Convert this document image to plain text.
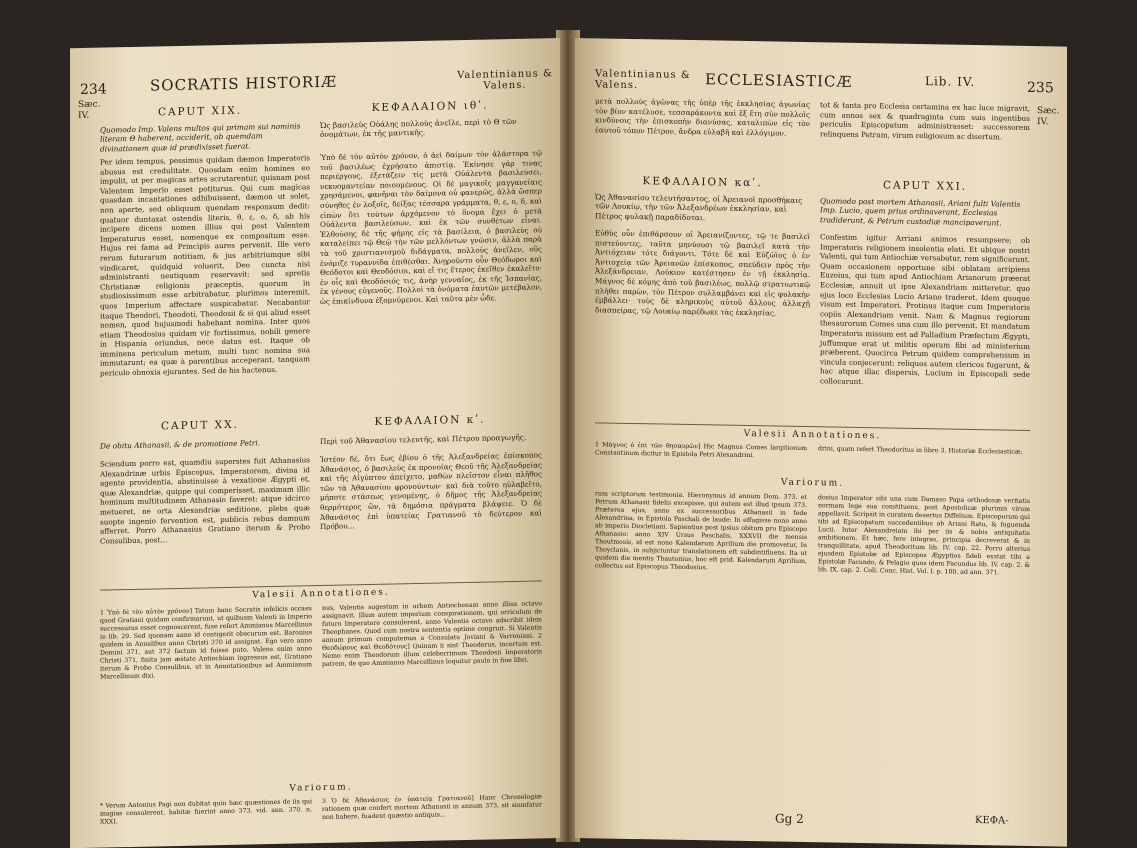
234	SOCRATIS HISTORIÆ	Valentinianus & Valens.
Sæc. IV.	CAPUT XIX.	ΚΕΦΑΛΑΙΟΝ ιθʹ.
Quomodo Imp. Valens multos qui primam sui nominis literam Θ haberent, occiderit, ob quemdam divinationem quæ id prædixisset fuerat.
Ὡς βασιλεὺς Οὐάλης πολλοὺς ἀνεῖλε, περὶ τὸ Θ τῶν ὀνομάτων, ἐκ τῆς μαντικῆς.
Per idem tempus, pessimus quidam dæmon Imperatoris abusus est credulitate. Quosdam enim homines eo impulit, ut per magicas artes scrutarentur, quisnam post Valentem Imperio esset potiturus. Qui cum magicas quasdam incantationes adhibuissent, dæmon ut solet, non aperte, sed obliquum quendam responsum dedit: quatuor duntaxat ostendis literis, θ, ε, ο, δ, ab his incipere dicens nomen illius qui post Valentem Imperaturus esset, nomenque ex compositum esse. Hujus rei fama ad Principis aures pervenit. Ille vero rerum futurarum notitiam, & jus arbitriumque sibi vindicaret, quidquid voluerit, Deo cuncta nisi administranti neutiquam reservavit: sed spretis Christianæ religionis præceptis, quorum in studiosissimum esse arbitrabatur, plurimos interemit, quos Imperium affectare suspicabatur. Necabantur itaque Theodori, Theodoti, Theodosii & si qui aliud esset nomen, quod hujusmodi habebant nomina. Inter quos etiam Theodosius quidam vir fortissimus, nobili genere in Hispania oriundus, nece datus est. Itaque ob imminens periculum metum, multi tunc nomina sua immutarunt; ea quæ à parentibus acceperant, tanquam periculo obnoxia ejurantes. Sed de his hactenus.
Ὑπὸ δὲ τὸν αὐτὸν χρόνον, ὁ ἀεὶ δαίμων τὸν ἀλάστορα τῷ τοῦ βασιλέως ἐχρήσατο ἀπιστίᾳ. Ἐκίνησε γάρ τινας περιέργους, ἐξετάζειν τίς μετὰ Οὐάλεντα βασιλεύσει, νεκυομαντείαν ποιουμένους. Οἱ δὲ μαγικοῖς μαγγανείαις χρησάμενοι, φανῆναι τὸν δαίμονα οὐ φανερῶς, ἀλλὰ ὥσπερ σύνηθες ἐν λοξοῖς, δείξας τέσσαρα γράμματα, θ, ε, ο, δ, καὶ εἰπὼν ὅτι τούτων ἀρχόμενον τὸ ὄνομα ἔχει ὁ μετὰ Οὐάλεντα βασιλεύσων, καὶ ἐκ τῶν συνθέτων εἶναι. Ἐλθούσης δὲ τῆς φήμης εἰς τὰ βασίλεια, ὁ βασιλεὺς οὐ καταλείπει τῷ Θεῷ τὴν τῶν μελλόντων γνῶσιν, ἀλλὰ παρὰ τὰ τοῦ χριστιανισμοῦ διδάγματα, πολλοὺς ἀνεῖλεν, οὓς ἐνόμιζε τυραννίδα ἐπιθέσθαι. Ἀνῃροῦντο οὖν Θεόδωροι καὶ Θεόδοτοι καὶ Θεοδόσιοι, καὶ εἴ τις ἕτερος ἐκεῖθεν ἐκαλεῖτο· ἐν οἷς καὶ Θεοδόσιός τις, ἀνὴρ γενναῖος, ἐκ τῆς Ἰσπανίας, ἐκ γένους εὐγενοῦς. Πολλοὶ τὰ ὀνόματα ἑαυτῶν μετέβαλον, ὡς ἐπικίνδυνα ἐξομνύμενοι. Καὶ ταῦτα μὲν ὧδε.
CAPUT XX.	ΚΕΦΑΛΑΙΟΝ κʹ.
De obitu Athanasii, & de promotione Petri.	Περὶ τοῦ Ἀθανασίου τελευτῆς, καὶ Πέτρου προαγωγῆς.
Sciendum porro est, quamdiu superstes fuit Athanasius Alexandrinæ urbis Episcopus, Imperatorem, divina id agente providentia, abstinuisse à vexatione Ægypti et, quæ Alexandriæ, quippe qui comperisset, maximam illic hominum multitudinem Athanasio faveret: atque idcirco metueret, ne orta Alexandriæ seditione, plebs quæ suopte ingenio fervention est, publicis rebus damnum afferret. Porro Athanasius Gratiano iterum & Probo Consulibus, post...
Ἰστέον δὲ, ὅτι ἕως ἐβίου ὁ τῆς Ἀλεξανδρείας ἐπίσκοπος Ἀθανάσιος, ὁ βασιλεὺς ἐκ προνοίας Θεοῦ τῆς Ἀλεξανδρείας καὶ τῆς Αἰγύπτου ἀπείχετο, μαθὼν πλεῖστον εἶναι πλῆθος τῶν τὰ Ἀθανασίου φρονούντων· καὶ διὰ τοῦτο ηὐλαβεῖτο, μήποτε στάσεως γενομένης, ὁ δῆμος τῆς Ἀλεξανδρείας θερμότερος ὢν, τὰ δημόσια πράγματα βλάψειε. Ὁ δὲ Ἀθανάσιος ἐπὶ ὑπατείας Γρατιανοῦ τὸ δεύτερον καὶ Πρόβου...
Valesii Annotationes.
1 Ὑπὸ δὲ τὸν αὐτὸν χρόνον] Tatum hanc Socratis infelicis occasu quod Gratiani quidam confirmarunt, ut quibusm Valenti in Imperio successurus esset cognoscerent, fuse refert Ammianus Marcellinus in lib. 29. Sed quonam anno id contigerit obscurum est. Baronius quidem in Annalibus anno Christi 370 id assignat. Ego vero anno Domini 371, aut 372 factum id fuisse puto. Valens enim anno Christi 371, finita jam æstate Antiochiam ingressus est, Gratiano iterum & Probo Consulibus, ut in Annotationibus ad Ammianum Marcellinum dixi.
nus, Valentis sugestum in urbem Antiochenam anno illius octavo assignavit. Illum autem imperium conspirationem, qui orriculum de futuro Imperatore consulerent, anno Valentis octavo adscribit idem Theophanes. Quod cum nostra sententia optime congruit. Si Valentis annum primum computemus a Consulatu Joviani & Varroniani. 2 Θεοδώρους καὶ Θεοδότους] Quinam ii sint Theodorus, incertum est. Nemo enim Theodorum illum celeberrimum Theodosii Imperatoris patrem, de quo Ammianus Marcellinus loquitur paulo in fine libri.
Variorum.
* Verum Antonius Pagi non dubitat quin hæc quæstiones de iis qui magias consulerent, habitæ fuerint anno 373. vid. ann. 370. n. XXXI.
3 Ὁ δὲ Ἀθανάσιος ἐν ὑπατείᾳ Γρατιανοῦ] Hanc Chronologiæ rationem quæ confert mortem Athanasii in annum 373, sit sinmfatur non habere, fuadent quæstio antiquis...
Valentinianus & Valens.	ECCLESIASTICÆ	Lib. IV.	235
Sæc. IV.
μετὰ πολλοὺς ἀγῶνας τῆς ὑπὲρ τῆς ἐκκλησίας ἀγωνίας τὸν βίον κατέλυσε, τεσσαράκοντα καὶ ἓξ ἔτη σὺν πολλοῖς κινδύνοις τὴν ἐπισκοπὴν διανύσας, καταλιπὼν εἰς τὸν ἑαυτοῦ τόπον Πέτρον, ἄνδρα εὐλαβῆ καὶ ἐλλόγιμον.
tot & tanta pro Ecclesia certamina ex hac luce migravit, cum annos sex & quadraginta cum suis ingentibus periculis Episcopatum administrasset: successorem relinquens Petrum, virum religiosum ac disertum.
ΚΕΦΑΛΑΙΟΝ καʹ.	CAPUT XXI.
Ὡς Ἀθανασίου τελευτήσαντος, οἱ Ἀρειανοὶ προσθήκαις τῶν Λουκίῳ, τὴν τῶν Ἀλεξανδρέων ἐκκλησίαν, καὶ Πέτρος φυλακῇ παραδίδοται.
Quomodo post mortem Athanasii, Ariani fulti Valentis Imp. Lucio, quem prius ordinaverant, Ecclesias tradiderunt, & Petrum custodiæ mancipaverunt.
Εὐθὺς οὖν ἐπιθάρσουν οἱ Ἀρειανίζοντες, τῷ τε βασιλεῖ πιστεύοντες, ταῦτα μηνύουσι τῷ βασιλεῖ κατὰ τὴν Ἀντιόχειαν τότε διάγοντι. Τότε δὲ καὶ Εὐζώϊος ὁ ἐν Ἀντιοχείᾳ τῶν Ἀρειανῶν ἐπίσκοπος, σπεύδειν πρὸς τὴν Ἀλεξάνδρειαν, Λούκιον κατέστησεν ἐν τῇ ἐκκλησίᾳ. Μάγνος δὲ κόμης ἀπὸ τοῦ βασιλέως, πολλῷ στρατιωτικῷ πλήθει παρὼν, τὸν Πέτρον συλλαμβάνει καὶ εἰς φυλακὴν ἐμβάλλει· τοὺς δὲ κληρικοὺς αὐτοῦ ἄλλους ἀλλαχῇ διασπείρας, τῷ Λουκίῳ παρέδωκε τὰς ἐκκλησίας.
Confestim igitur Arriani animos resumpsere; ob Imperatoris religionem insolentia elati. Et ubique nostri Valenti, qui tum Antiochiæ versabatur, rem significarunt. Quam occasionem opportune sibi oblatam arripiens Euzoius, qui tum apud Antiochiam Arianorum præerat Ecclesiæ, annuit ut ipse Alexandriam mitteretur, quo ejus loco Ecclesias Lucio Ariano traderet. Idem quoque visum est Imperatori. Protinus itaque cum Imperatoris copiis Alexandriam venit. Nam & Magnus regiorum thesaurorum Comes una cum illo pervenit. Et mandatum Imperatoris missum est ad Palladium Præfectum Ægypti, juffumque erat ut militis operam fibi ad ministerium præberent. Quocirca Petrum quidem comprehensum in vincula conjecerunt: reliquos autem clericos fugarunt, & hac atque illac dispersis, Lucium in Episcopali sede collocarunt.
Valesii Annotationes.
1 Μάγνος ὁ ἐπὶ τῶν θησαυρῶν] Hic Magnus Comes largitionum Constantinum dicitur in Epistola Petri Alexandrini.	drini, quam refert Theodoritus in libro 3. Historiæ Ecclesiasticæ.
Variorum.
rum scriptorum testimonia. Hieronymus id annum Dom. 373. et Petrum Athanasii fidelis excepisse, qui autem est illud ipsum 373. Præterea ejus, anno ex successoribus Athanasii in fede Alexandrina, in Epistola Paschali de laude: In effugisse nono anno ab imperio Diocletiani. Sapientius post ipsius obitum pro Episcopo Athanasio: anno XIV Ursus Paschalis. XXXVII die mensis Thoutmosis, id est nono Kalendarum Aprilium die promovetur, In Thoyclanis, in subjiciuntur translationem eft subdintifluens. Ita ut quidem die mentis Thautonius, hoc eft prid. Kalendarum Aprilium, collectus est Episcopus Theodosius.
dosius Imperator sibi una cum Damaso Papa orthodoxæ veritatis normam lege sua constituens, post Apostolicæ plurimis virum appellavit. Scripsit in curatem desertus Diffelium. Episcoporum qui tibi ad Episcopatum succedentibus ab Ariani Ratu, & fuguenda Lucii. Inter Alexandreiam ibi per iis & nobis antiquitatis ambitionem. Et hæc, fere integras, principia decreverat & in tranquillitate, apud Theodoritum lib. IV. cap. 22. Porro alterius ejusdem Epistolæ ad Episcopos Ægyptios fideli exstat tibi a Epistolæ Facundo, & Pelagio quos idem Facundus lib. IV. cap. 2. & lib. IX. cap. 2. Coll. Conc. Hist. Vol. I. p. 100. ad ann. 371.
Gg 2	ΚΕΦΑ-
